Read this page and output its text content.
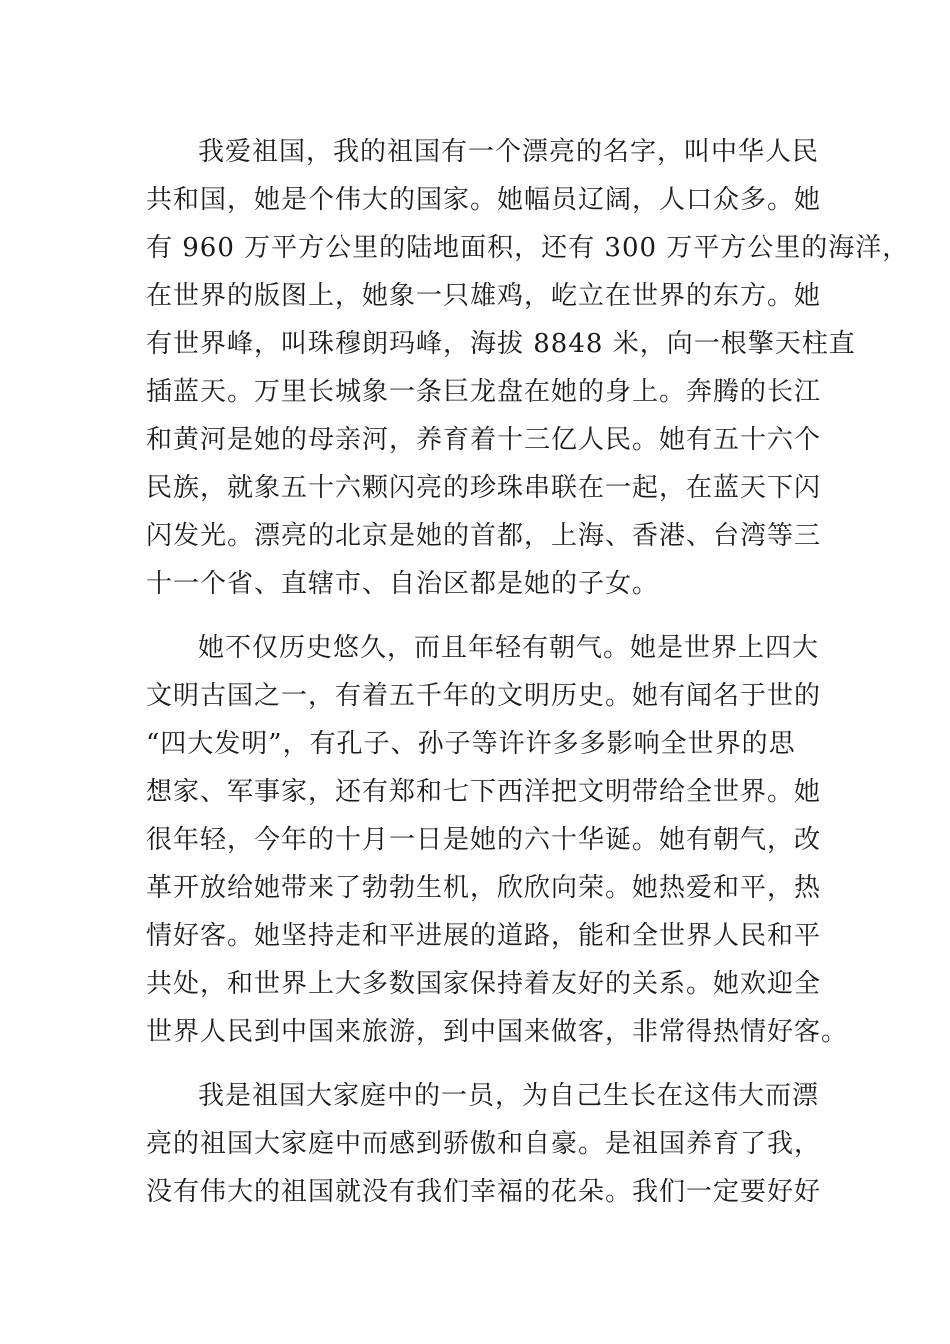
我爱祖国，我的祖国有一个漂亮的名字，叫中华人民
共和国，她是个伟大的国家。她幅员辽阔，人口众多。她
有 960 万平方公里的陆地面积，还有 300 万平方公里的海洋，
在世界的版图上，她象一只雄鸡，屹立在世界的东方。她
有世界峰，叫珠穆朗玛峰，海拔 8848 米，向一根擎天柱直
插蓝天。万里长城象一条巨龙盘在她的身上。奔腾的长江
和黄河是她的母亲河，养育着十三亿人民。她有五十六个
民族，就象五十六颗闪亮的珍珠串联在一起，在蓝天下闪
闪发光。漂亮的北京是她的首都，上海、香港、台湾等三
十一个省、直辖市、自治区都是她的子女。
她不仅历史悠久，而且年轻有朝气。她是世界上四大
文明古国之一，有着五千年的文明历史。她有闻名于世的
“四大发明”，有孔子、孙子等许许多多影响全世界的思
想家、军事家，还有郑和七下西洋把文明带给全世界。她
很年轻，今年的十月一日是她的六十华诞。她有朝气，改
革开放给她带来了勃勃生机，欣欣向荣。她热爱和平，热
情好客。她坚持走和平进展的道路，能和全世界人民和平
共处，和世界上大多数国家保持着友好的关系。她欢迎全
世界人民到中国来旅游，到中国来做客，非常得热情好客。
我是祖国大家庭中的一员，为自己生长在这伟大而漂
亮的祖国大家庭中而感到骄傲和自豪。是祖国养育了我，
没有伟大的祖国就没有我们幸福的花朵。我们一定要好好
